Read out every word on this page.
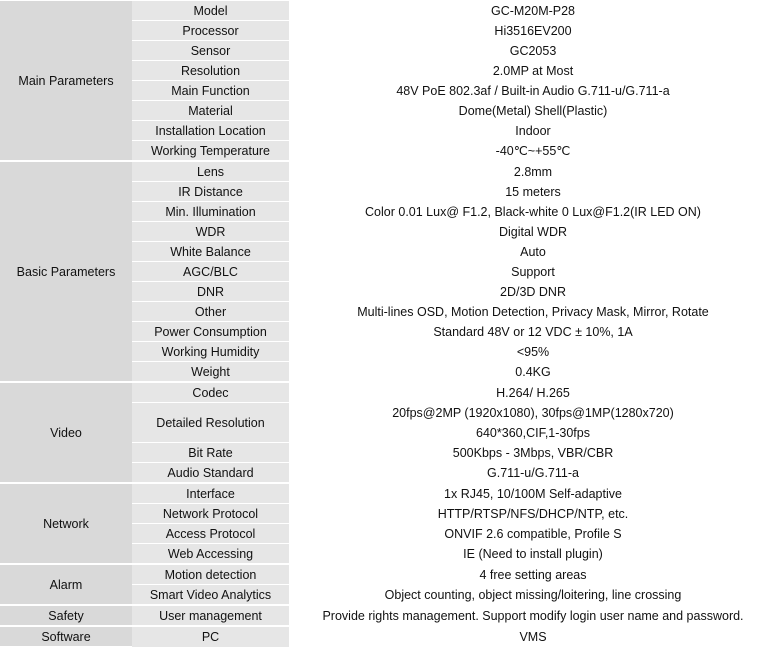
Main Parameters	Model	GC-M20M-P28
	Processor	Hi3516EV200
	Sensor	GC2053
	Resolution	2.0MP at Most
	Main Function	48V PoE 802.3af / Built-in Audio G.711-u/G.711-a
	Material	Dome(Metal) Shell(Plastic)
	Installation Location	Indoor
	Working Temperature	-40℃~+55℃
Basic Parameters	Lens	2.8mm
	IR Distance	15 meters
	Min. Illumination	Color 0.01 Lux@ F1.2, Black-white 0 Lux@F1.2(IR LED ON)
	WDR	Digital WDR
	White Balance	Auto
	AGC/BLC	Support
	DNR	2D/3D DNR
	Other	Multi-lines OSD, Motion Detection, Privacy Mask, Mirror, Rotate
	Power Consumption	Standard 48V or 12 VDC ± 10%, 1A
	Working Humidity	<95%
	Weight	0.4KG
Video	Codec	H.264/ H.265
	Detailed Resolution	20fps@2MP (1920x1080), 30fps@1MP(1280x720)
		640*360,CIF,1-30fps
	Bit Rate	500Kbps - 3Mbps, VBR/CBR
	Audio Standard	G.711-u/G.711-a
Network	Interface	1x RJ45, 10/100M Self-adaptive
	Network Protocol	HTTP/RTSP/NFS/DHCP/NTP, etc.
	Access Protocol	ONVIF 2.6 compatible, Profile S
	Web Accessing	IE (Need to install plugin)
Alarm	Motion detection	4 free setting areas
	Smart Video Analytics	Object counting, object missing/loitering, line crossing
Safety	User management	Provide rights management. Support modify login user name and password.
Software	PC	VMS
